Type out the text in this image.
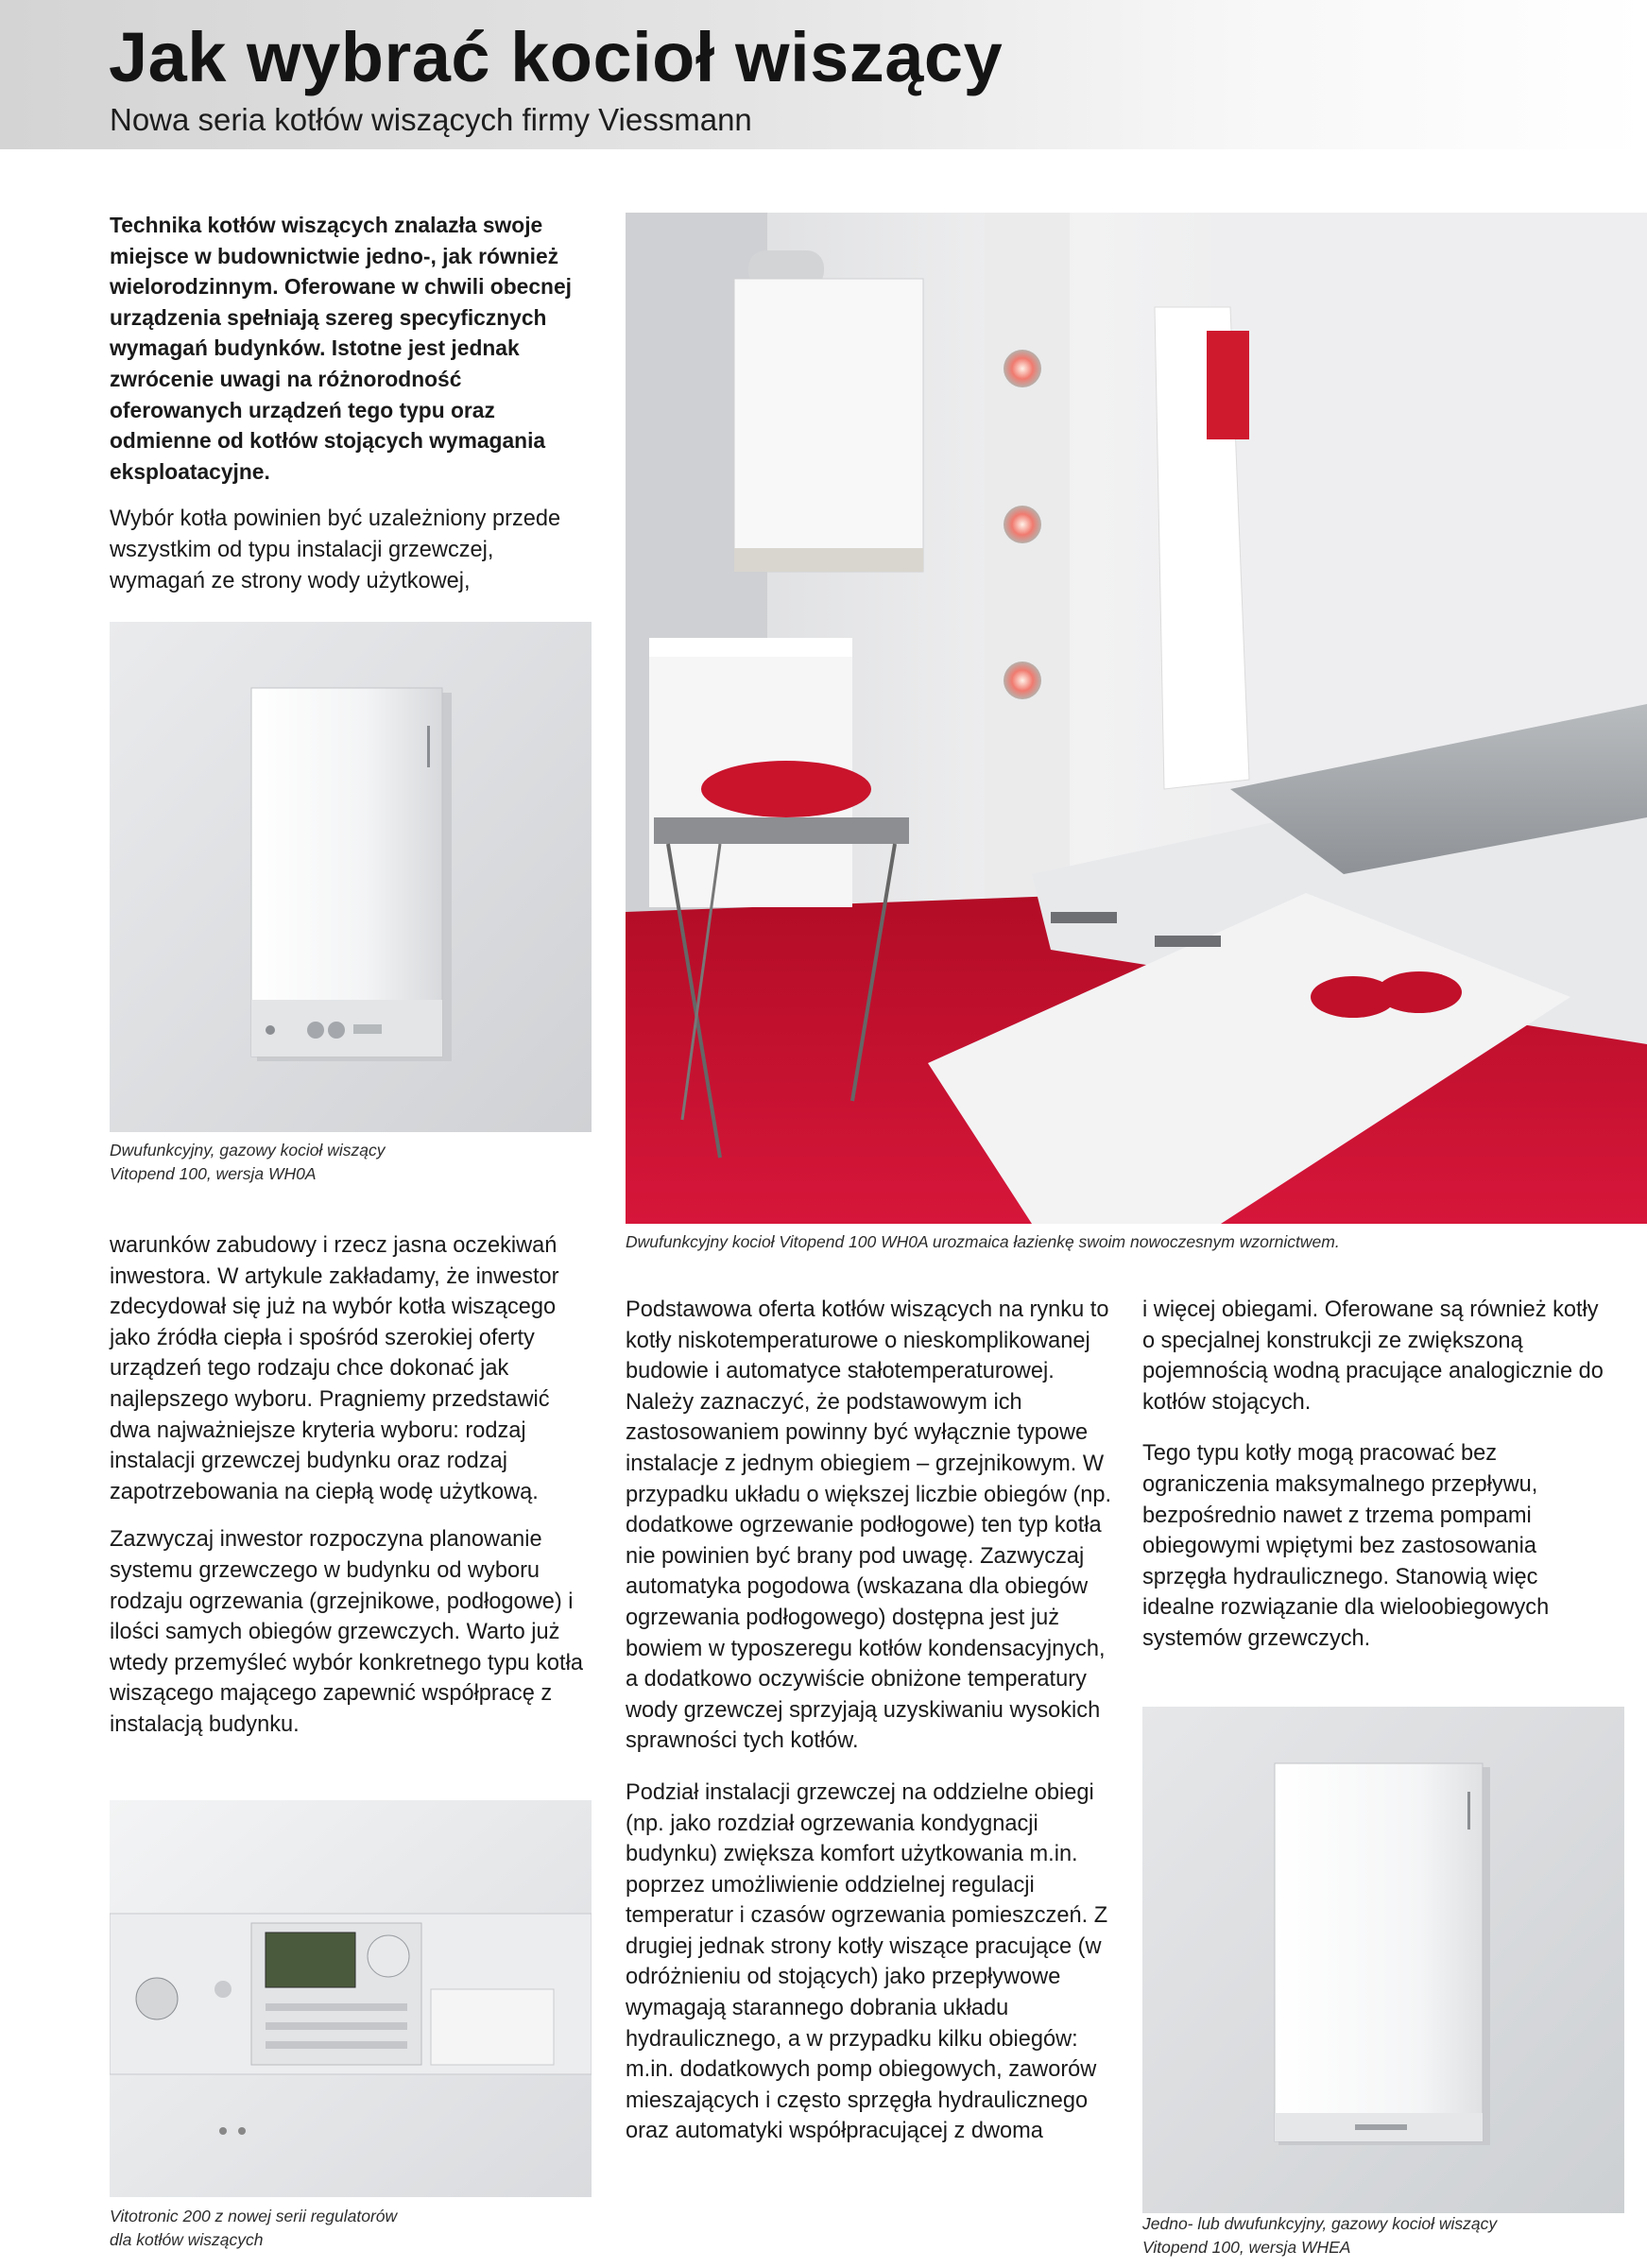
Jak wybrać kocioł wiszący
Nowa seria kotłów wiszących firmy Viessmann

Technika kotłów wiszących znalazła swoje miejsce w budownictwie jedno-, jak również wielorodzinnym. Oferowane w chwili obecnej urządzenia spełniają szereg specyficznych wymagań budynków. Istotne jest jednak zwrócenie uwagi na różnorodność oferowanych urządzeń tego typu oraz odmienne od kotłów stojących wymagania eksploatacyjne.

Wybór kotła powinien być uzależniony przede wszystkim od typu instalacji grzewczej, wymagań ze strony wody użytkowej,

Dwufunkcyjny, gazowy kocioł wiszący
Vitopend 100, wersja WH0A
Dwufunkcyjny kocioł Vitopend 100 WH0A urozmaica łazienkę swoim nowoczesnym wzornictwem.

warunków zabudowy i rzecz jasna oczekiwań inwestora. W artykule zakładamy, że inwestor zdecydował się już na wybór kotła wiszącego jako źródła ciepła i spośród szerokiej oferty urządzeń tego rodzaju chce dokonać jak najlepszego wyboru. Pragniemy przedstawić dwa najważniejsze kryteria wyboru: rodzaj instalacji grzewczej budynku oraz rodzaj zapotrzebowania na ciepłą wodę użytkową.

Zazwyczaj inwestor rozpoczyna planowanie systemu grzewczego w budynku od wyboru rodzaju ogrzewania (grzejnikowe, podłogowe) i ilości samych obiegów grzewczych. Warto już wtedy przemyśleć wybór konkretnego typu kotła wiszącego mającego zapewnić współpracę z instalacją budynku.

Vitotronic 200 z nowej serii regulatorów
dla kotłów wiszących

Podstawowa oferta kotłów wiszących na rynku to kotły niskotemperaturowe o nieskomplikowanej budowie i automatyce stałotemperaturowej.

Należy zaznaczyć, że podstawowym ich zastosowaniem powinny być wyłącznie typowe instalacje z jednym obiegiem – grzejnikowym. W przypadku układu o większej liczbie obiegów (np. dodatkowe ogrzewanie podłogowe) ten typ kotła nie powinien być brany pod uwagę. Zazwyczaj automatyka pogodowa (wskazana dla obiegów ogrzewania podłogowego) dostępna jest już bowiem w typoszeregu kotłów kondensacyjnych, a dodatkowo oczywiście obniżone temperatury wody grzewczej sprzyjają uzyskiwaniu wysokich sprawności tych kotłów.

Podział instalacji grzewczej na oddzielne obiegi (np. jako rozdział ogrzewania kondygnacji budynku) zwiększa komfort użytkowania m.in. poprzez umożliwienie oddzielnej regulacji temperatur i czasów ogrzewania pomieszczeń. Z drugiej jednak strony kotły wiszące pracujące (w odróżnieniu od stojących) jako przepływowe wymagają starannego dobrania układu hydraulicznego, a w przypadku kilku obiegów: m.in. dodatkowych pomp obiegowych, zaworów mieszających i często sprzęgła hydraulicznego oraz automatyki współpracującej z dwoma

i więcej obiegami. Oferowane są również kotły o specjalnej konstrukcji ze zwiększoną pojemnością wodną pracujące analogicznie do kotłów stojących.

Tego typu kotły mogą pracować bez ograniczenia maksymalnego przepływu, bezpośrednio nawet z trzema pompami obiegowymi wpiętymi bez zastosowania sprzęgła hydraulicznego. Stanowią więc idealne rozwiązanie dla wieloobiegowych systemów grzewczych.

Jedno- lub dwufunkcyjny, gazowy kocioł wiszący
Vitopend 100, wersja WHEA
